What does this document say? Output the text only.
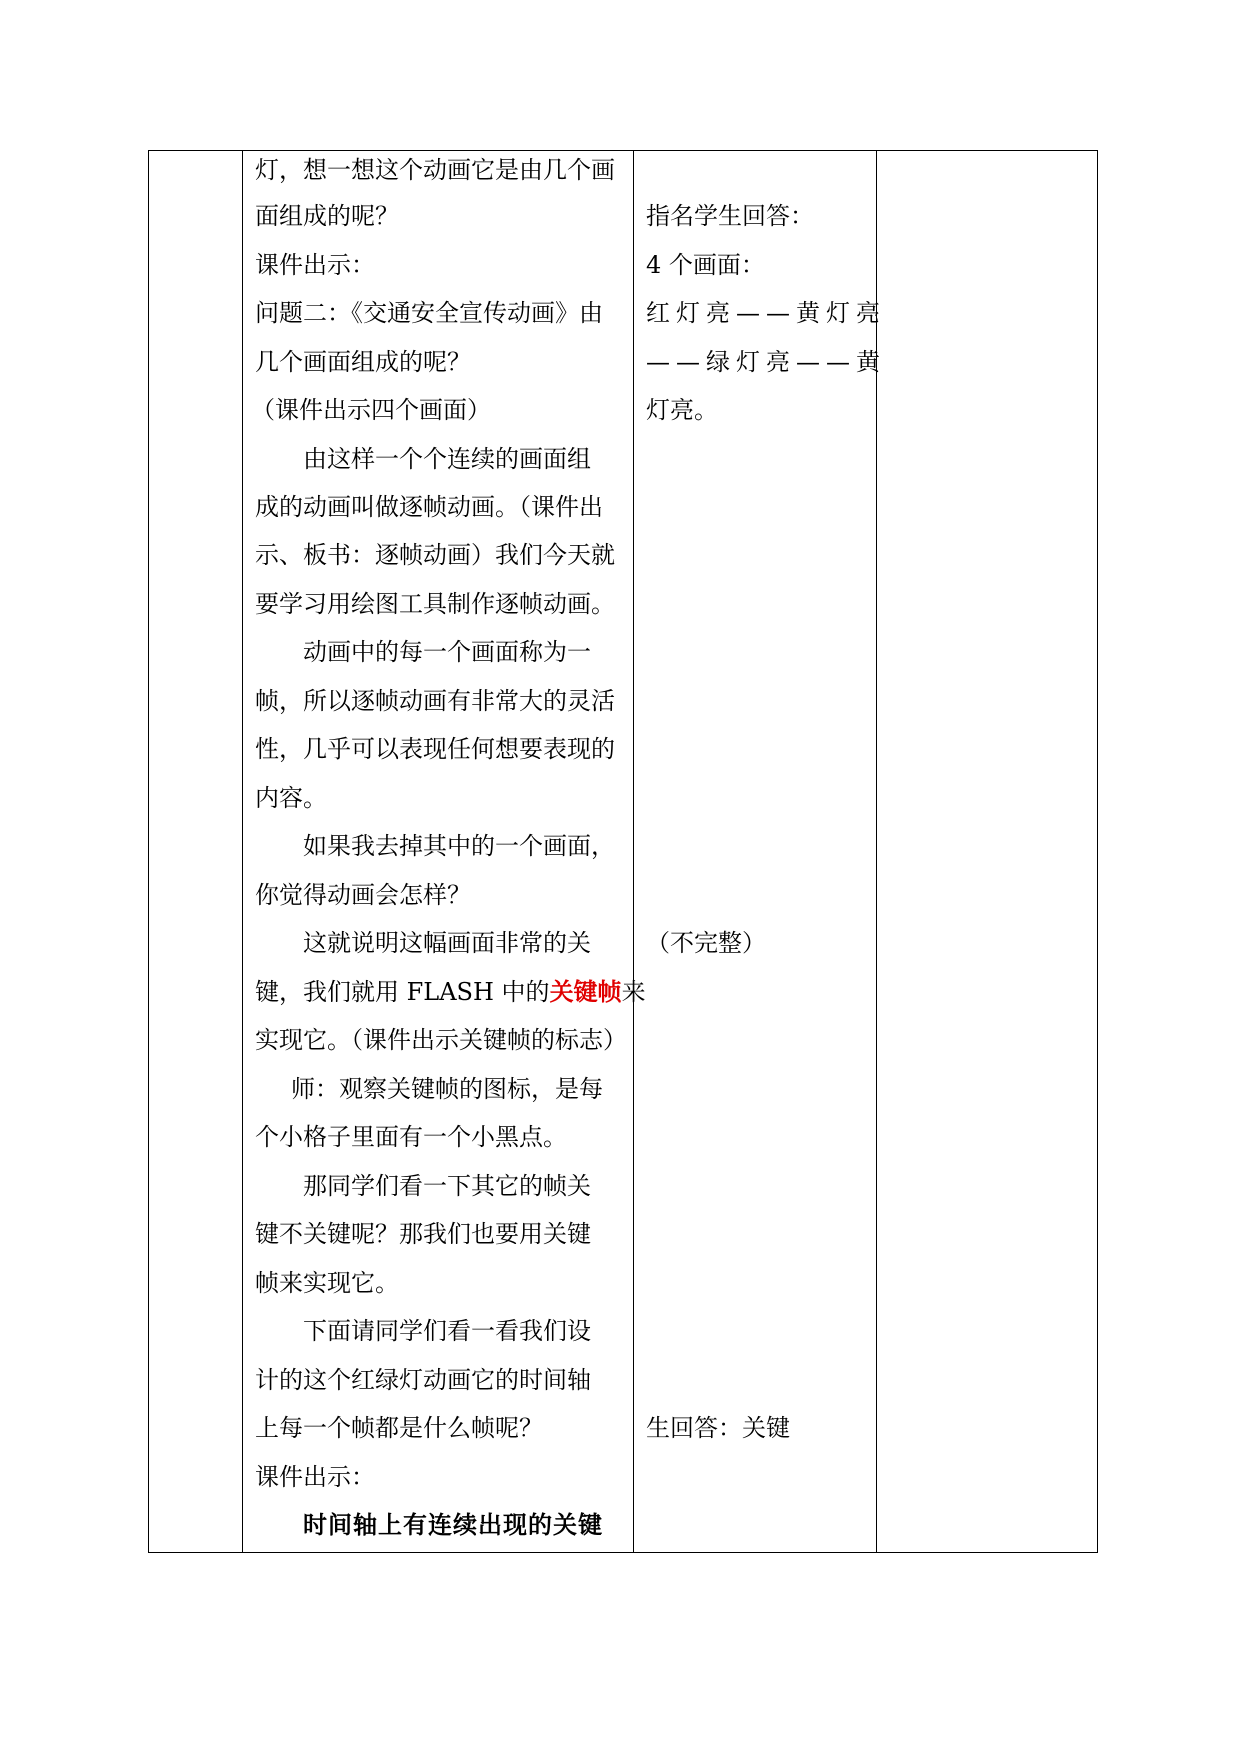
灯，想一想这个动画它是由几个画
面组成的呢？
课件出示：
问题二：《交通安全宣传动画》由
几个画面组成的呢？
（课件出示四个画面）
由这样一个个连续的画面组
成的动画叫做逐帧动画。（课件出
示、板书：逐帧动画）我们今天就
要学习用绘图工具制作逐帧动画。
动画中的每一个画面称为一
帧，所以逐帧动画有非常大的灵活
性，几乎可以表现任何想要表现的
内容。
如果我去掉其中的一个画面，
你觉得动画会怎样？
这就说明这幅画面非常的关
键，我们就用 FLASH 中的关键帧来
实现它。（课件出示关键帧的标志）
师：观察关键帧的图标，是每
个小格子里面有一个小黑点。
那同学们看一下其它的帧关
键不关键呢？那我们也要用关键
帧来实现它。
下面请同学们看一看我们设
计的这个红绿灯动画它的时间轴
上每一个帧都是什么帧呢？
课件出示：
时间轴上有连续出现的关键
指名学生回答：
4 个画面：
红灯亮——黄灯亮
——绿灯亮——黄
灯亮。
（不完整）
生回答：关键
